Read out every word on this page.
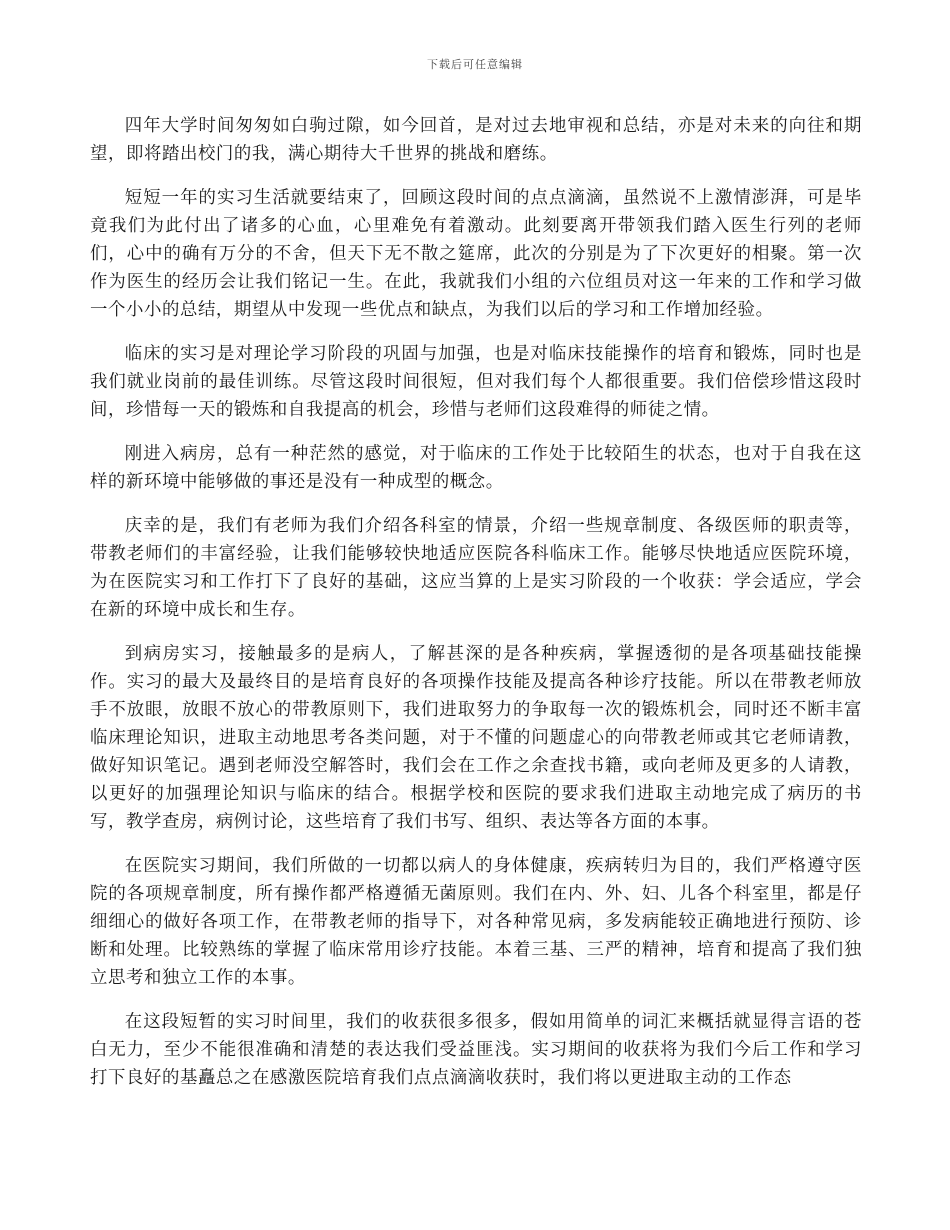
下载后可任意编辑

四年大学时间匆匆如白驹过隙，如今回首，是对过去地审视和总结，亦是对未来的向往和期望，即将踏出校门的我，满心期待大千世界的挑战和磨练。

短短一年的实习生活就要结束了，回顾这段时间的点点滴滴，虽然说不上激情澎湃，可是毕竟我们为此付出了诸多的心血，心里难免有着激动。此刻要离开带领我们踏入医生行列的老师们，心中的确有万分的不舍，但天下无不散之筵席，此次的分别是为了下次更好的相聚。第一次作为医生的经历会让我们铭记一生。在此，我就我们小组的六位组员对这一年来的工作和学习做一个小小的总结，期望从中发现一些优点和缺点，为我们以后的学习和工作增加经验。

临床的实习是对理论学习阶段的巩固与加强，也是对临床技能操作的培育和锻炼，同时也是我们就业岗前的最佳训练。尽管这段时间很短，但对我们每个人都很重要。我们倍偿珍惜这段时间，珍惜每一天的锻炼和自我提高的机会，珍惜与老师们这段难得的师徒之情。

刚进入病房，总有一种茫然的感觉，对于临床的工作处于比较陌生的状态，也对于自我在这样的新环境中能够做的事还是没有一种成型的概念。

庆幸的是，我们有老师为我们介绍各科室的情景，介绍一些规章制度、各级医师的职责等，带教老师们的丰富经验，让我们能够较快地适应医院各科临床工作。能够尽快地适应医院环境，为在医院实习和工作打下了良好的基础，这应当算的上是实习阶段的一个收获：学会适应，学会在新的环境中成长和生存。

到病房实习，接触最多的是病人，了解甚深的是各种疾病，掌握透彻的是各项基础技能操作。实习的最大及最终目的是培育良好的各项操作技能及提高各种诊疗技能。所以在带教老师放手不放眼，放眼不放心的带教原则下，我们进取努力的争取每一次的锻炼机会，同时还不断丰富临床理论知识，进取主动地思考各类问题，对于不懂的问题虚心的向带教老师或其它老师请教，做好知识笔记。遇到老师没空解答时，我们会在工作之余查找书籍，或向老师及更多的人请教，以更好的加强理论知识与临床的结合。根据学校和医院的要求我们进取主动地完成了病历的书写，教学查房，病例讨论，这些培育了我们书写、组织、表达等各方面的本事。

在医院实习期间，我们所做的一切都以病人的身体健康，疾病转归为目的，我们严格遵守医院的各项规章制度，所有操作都严格遵循无菌原则。我们在内、外、妇、儿各个科室里，都是仔细细心的做好各项工作，在带教老师的指导下，对各种常见病，多发病能较正确地进行预防、诊断和处理。比较熟练的掌握了临床常用诊疗技能。本着三基、三严的精神，培育和提高了我们独立思考和独立工作的本事。

在这段短暂的实习时间里，我们的收获很多很多，假如用简单的词汇来概括就显得言语的苍白无力，至少不能很准确和清楚的表达我们受益匪浅。实习期间的收获将为我们今后工作和学习打下良好的基矗总之在感激医院培育我们点点滴滴收获时，我们将以更进取主动的工作态
